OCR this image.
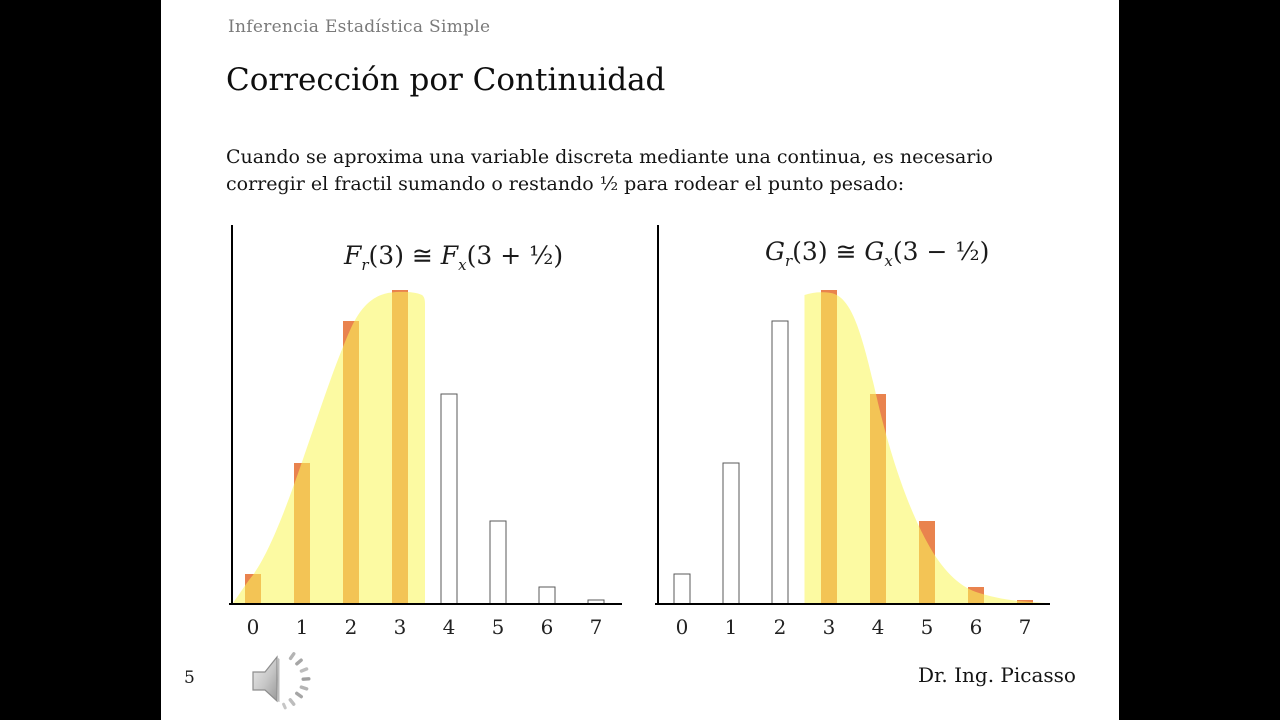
Inferencia Estadística Simple
Corrección por Continuidad
Cuando se aproxima una variable discreta mediante una continua, es necesario
corregir el fractil sumando o restando ½ para rodear el punto pesado:
$F_r(3)$ ≅ $F_x(3$ + ½)	$G_r(3)$ ≅ $G_x(3$ − ½)
0 1 2 3 4 5 6 7	0 1 2 3 4 5 6 7
5	Dr. Ing. Picasso
